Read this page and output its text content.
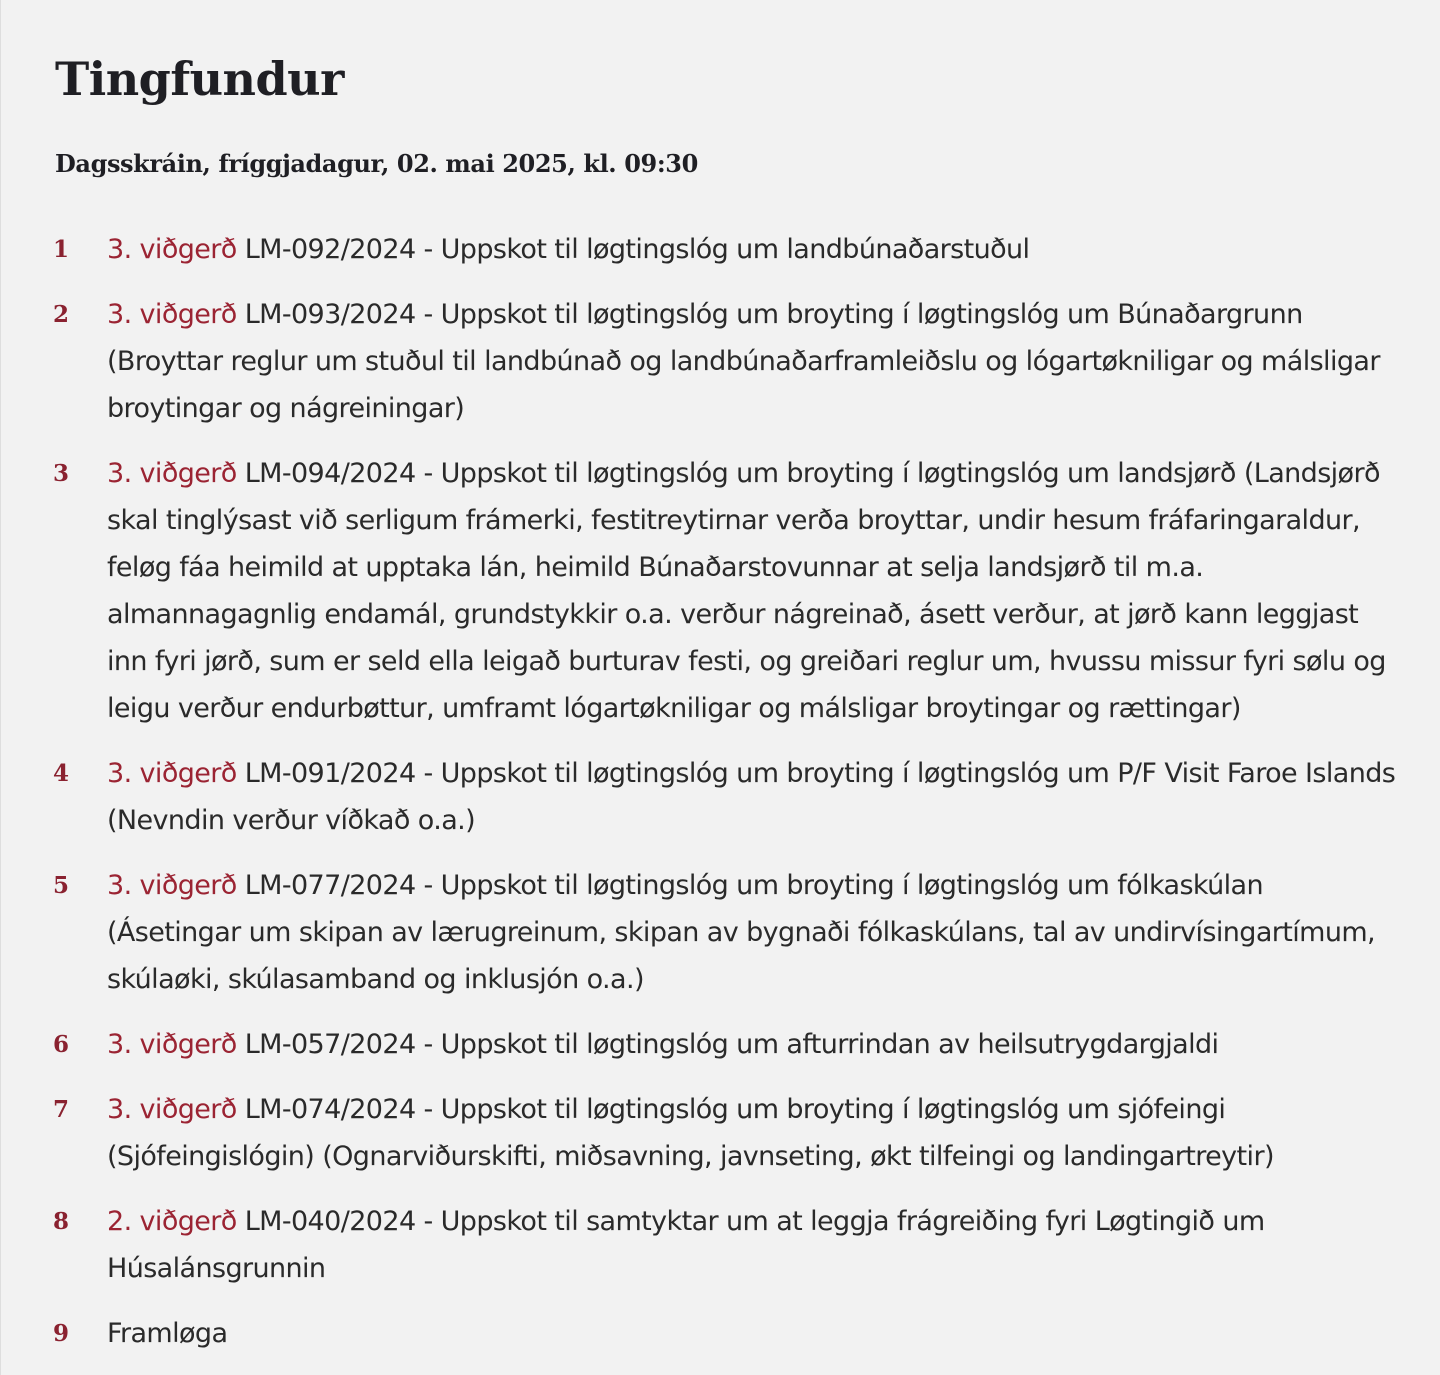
Tingfundur
Dagsskráin, fríggjadagur, 02. mai 2025, kl. 09:30
1	3. viðgerð LM-092/2024 - Uppskot til løgtingslóg um landbúnaðarstuðul
2	3. viðgerð LM-093/2024 - Uppskot til løgtingslóg um broyting í løgtingslóg um Búnaðargrunn (Broyttar reglur um stuðul til landbúnað og landbúnaðarframleiðslu og lógartøkniligar og málsligar broytingar og nágreiningar)
3	3. viðgerð LM-094/2024 - Uppskot til løgtingslóg um broyting í løgtingslóg um landsjørð (Landsjørð skal tinglýsast við serligum frámerki, festitreytirnar verða broyttar, undir hesum fráfaringaraldur, feløg fáa heimild at upptaka lán, heimild Búnaðarstovunnar at selja landsjørð til m.a. almannagagnlig endamál, grundstykkir o.a. verður nágreinað, ásett verður, at jørð kann leggjast inn fyri jørð, sum er seld ella leigað burturav festi, og greiðari reglur um, hvussu missur fyri sølu og leigu verður endurbøttur, umframt lógartøkniligar og málsligar broytingar og rættingar)
4	3. viðgerð LM-091/2024 - Uppskot til løgtingslóg um broyting í løgtingslóg um P/F Visit Faroe Islands (Nevndin verður víðkað o.a.)
5	3. viðgerð LM-077/2024 - Uppskot til løgtingslóg um broyting í løgtingslóg um fólkaskúlan (Ásetingar um skipan av lærugreinum, skipan av bygnaði fólkaskúlans, tal av undirvísingartímum, skúlaøki, skúlasamband og inklusjón o.a.)
6	3. viðgerð LM-057/2024 - Uppskot til løgtingslóg um afturrindan av heilsutrygdargjaldi
7	3. viðgerð LM-074/2024 - Uppskot til løgtingslóg um broyting í løgtingslóg um sjófeingi (Sjófeingislógin) (Ognarviðurskifti, miðsavning, javnseting, økt tilfeingi og landingartreytir)
8	2. viðgerð LM-040/2024 - Uppskot til samtyktar um at leggja frágreiðing fyri Løgtingið um Húsalánsgrunnin
9	Framløga
